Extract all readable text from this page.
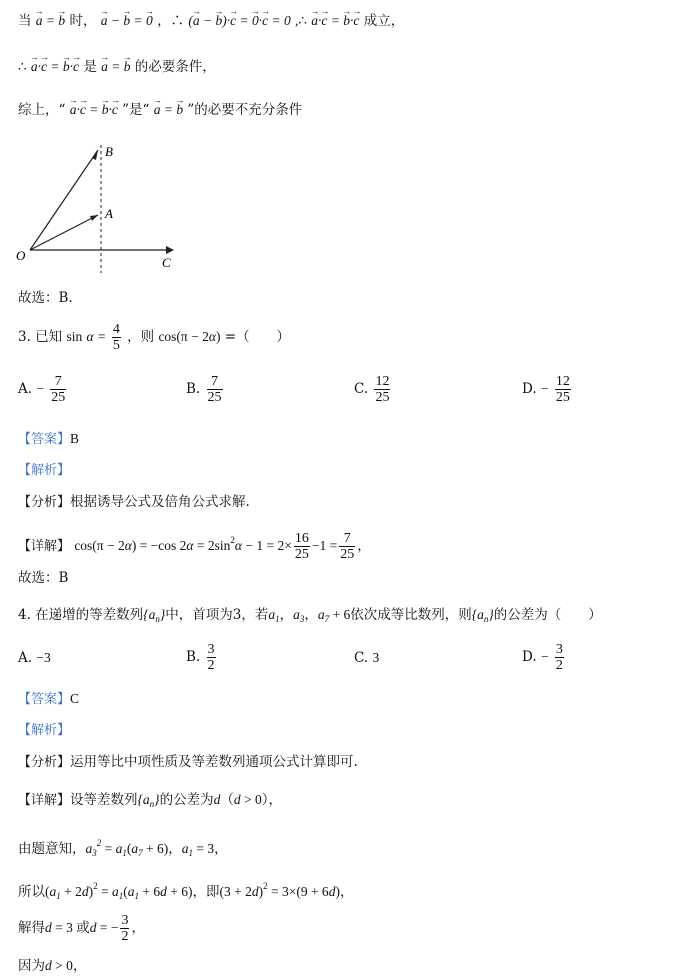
当 → a = → b 时， → a − → b = → 0 ，∴ (→ a − → b)·→ c = → 0·→ c = 0 ,∴ → a·→ c = → b·→ c 成立，
∴ → a·→ c = → b·→ c 是 → a = → b 的必要条件，
综上，“ → a·→ c = → b·→ c ”是“ → a = → b ”的必要不充分条件
B
A
O	C
故选：B.
3. 已知 $\sin \alpha = \frac{4}{5}$ ，则 cos(π − 2α) =（　　）
A. − $\frac{7}{25}$	B. $\frac{7}{25}$	C. $\frac{12}{25}$	D. − $\frac{12}{25}$
【答案】B
【解析】
【分析】根据诱导公式及倍角公式求解.
【详解】 cos(π − 2α) = −cos $2\alpha = 2\sin^2\alpha - 1 = 2\times \frac{16}{25} -1 = \frac{7}{25}$ ，
故选：B
4. 在递增的等差数列$\{a_n\}$中，首项为3，若$a_1$，$a_3$，$a_7 + 6$依次成等比数列，则$\{a_n\}$的公差为（　　）
A. −3	B. $\frac{3}{2}$	C. 3	D. − $\frac{3}{2}$
【答案】C
【解析】
【分析】运用等比中项性质及等差数列通项公式计算即可.
【详解】设等差数列$\{a_n\}$的公差为d（d > 0），
由题意知，$a_3^2 = a_1(a_7 + 6)$，$a_1 = 3$，
所以$(a_1 + 2d)^2 = a_1(a_1 + 6d + 6)$，即$(3 + 2d)^2 = 3\times(9 + 6d)$，
解得d = 3 或d = − $\frac{3}{2}$ ，
因为d > 0，
